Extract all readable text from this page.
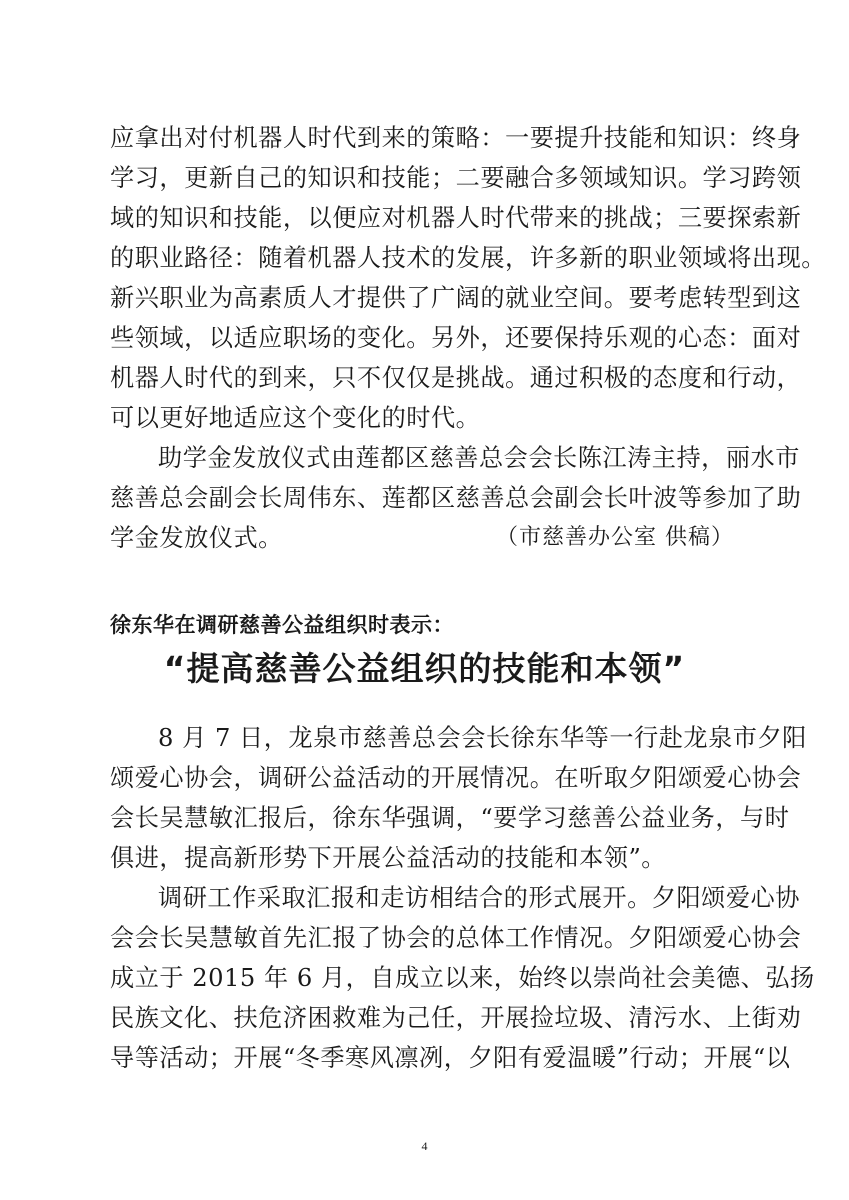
应拿出对付机器人时代到来的策略：一要提升技能和知识：终身
学习，更新自己的知识和技能；二要融合多领域知识。学习跨领
域的知识和技能，以便应对机器人时代带来的挑战；三要探索新
的职业路径：随着机器人技术的发展，许多新的职业领域将出现。
新兴职业为高素质人才提供了广阔的就业空间。要考虑转型到这
些领域，以适应职场的变化。另外，还要保持乐观的心态：面对
机器人时代的到来，只不仅仅是挑战。通过积极的态度和行动，
可以更好地适应这个变化的时代。
助学金发放仪式由莲都区慈善总会会长陈江涛主持，丽水市
慈善总会副会长周伟东、莲都区慈善总会副会长叶波等参加了助
学金发放仪式。	（市慈善办公室 供稿）
徐东华在调研慈善公益组织时表示：
“提高慈善公益组织的技能和本领”
8 月 7 日，龙泉市慈善总会会长徐东华等一行赴龙泉市夕阳
颂爱心协会，调研公益活动的开展情况。在听取夕阳颂爱心协会
会长吴慧敏汇报后，徐东华强调，“要学习慈善公益业务，与时
俱进，提高新形势下开展公益活动的技能和本领”。
调研工作采取汇报和走访相结合的形式展开。夕阳颂爱心协
会会长吴慧敏首先汇报了协会的总体工作情况。夕阳颂爱心协会
成立于 2015 年 6 月，自成立以来，始终以崇尚社会美德、弘扬
民族文化、扶危济困救难为己任，开展捡垃圾、清污水、上街劝
导等活动；开展“冬季寒风凛冽，夕阳有爱温暖”行动；开展“以
4
